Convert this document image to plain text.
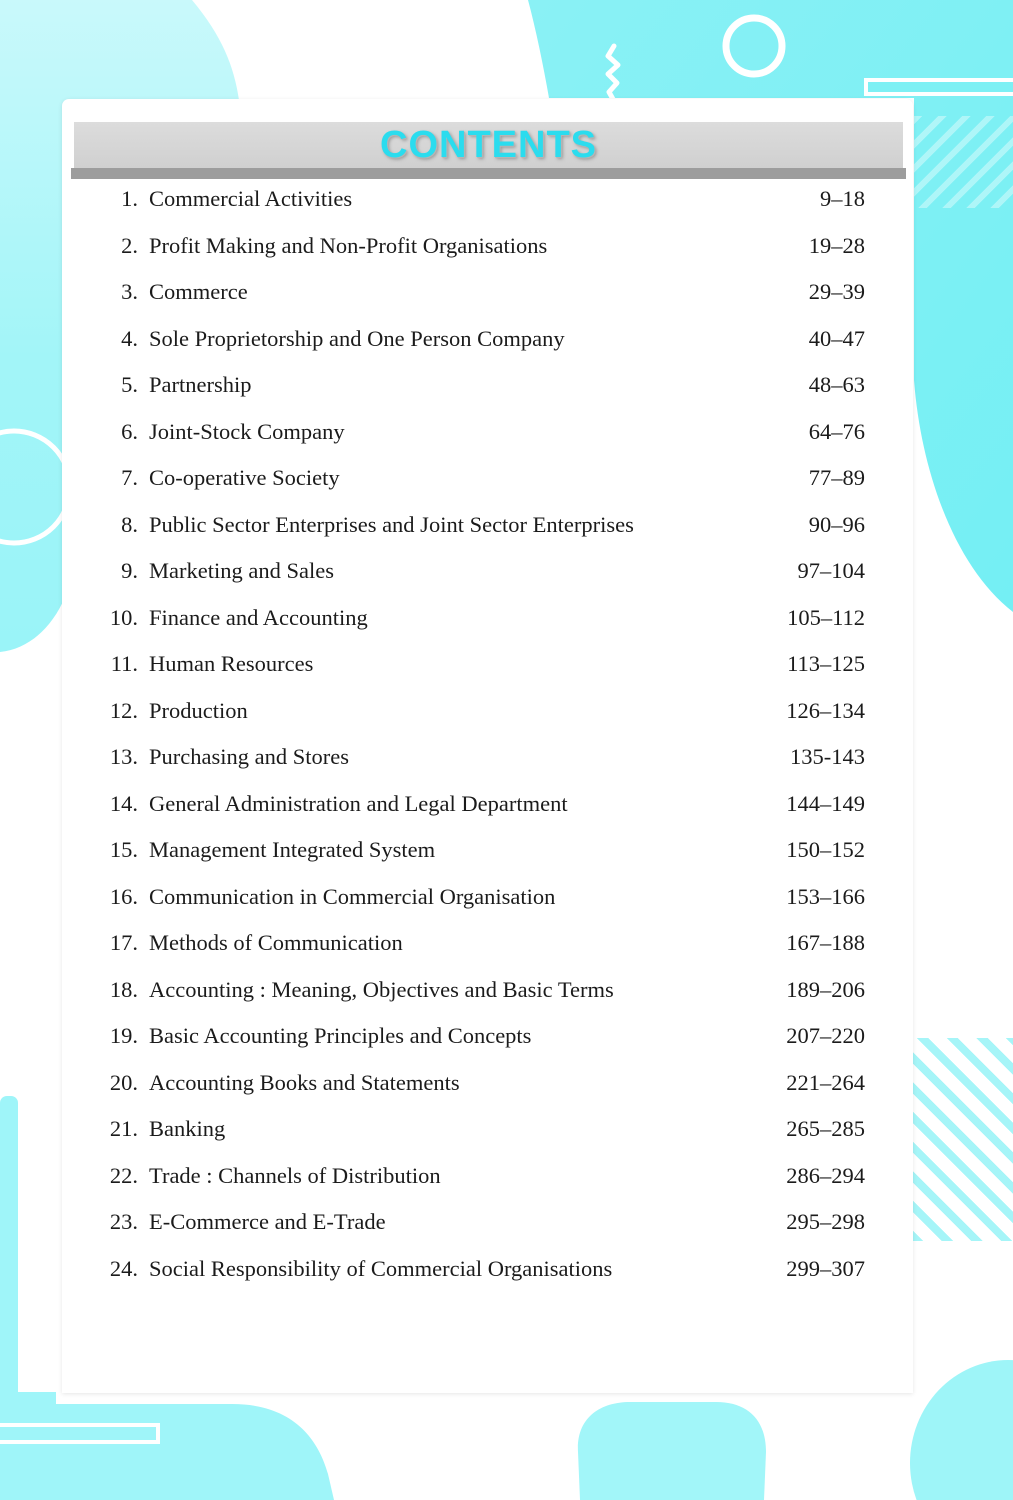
CONTENTS
1. Commercial Activities	9–18
2. Profit Making and Non-Profit Organisations	19–28
3. Commerce	29–39
4. Sole Proprietorship and One Person Company	40–47
5. Partnership	48–63
6. Joint-Stock Company	64–76
7. Co-operative Society	77–89
8. Public Sector Enterprises and Joint Sector Enterprises	90–96
9. Marketing and Sales	97–104
10. Finance and Accounting	105–112
11. Human Resources	113–125
12. Production	126–134
13. Purchasing and Stores	135-143
14. General Administration and Legal Department	144–149
15. Management Integrated System	150–152
16. Communication in Commercial Organisation	153–166
17. Methods of Communication	167–188
18. Accounting : Meaning, Objectives and Basic Terms	189–206
19. Basic Accounting Principles and Concepts	207–220
20. Accounting Books and Statements	221–264
21. Banking	265–285
22. Trade : Channels of Distribution	286–294
23. E-Commerce and E-Trade	295–298
24. Social Responsibility of Commercial Organisations	299–307
